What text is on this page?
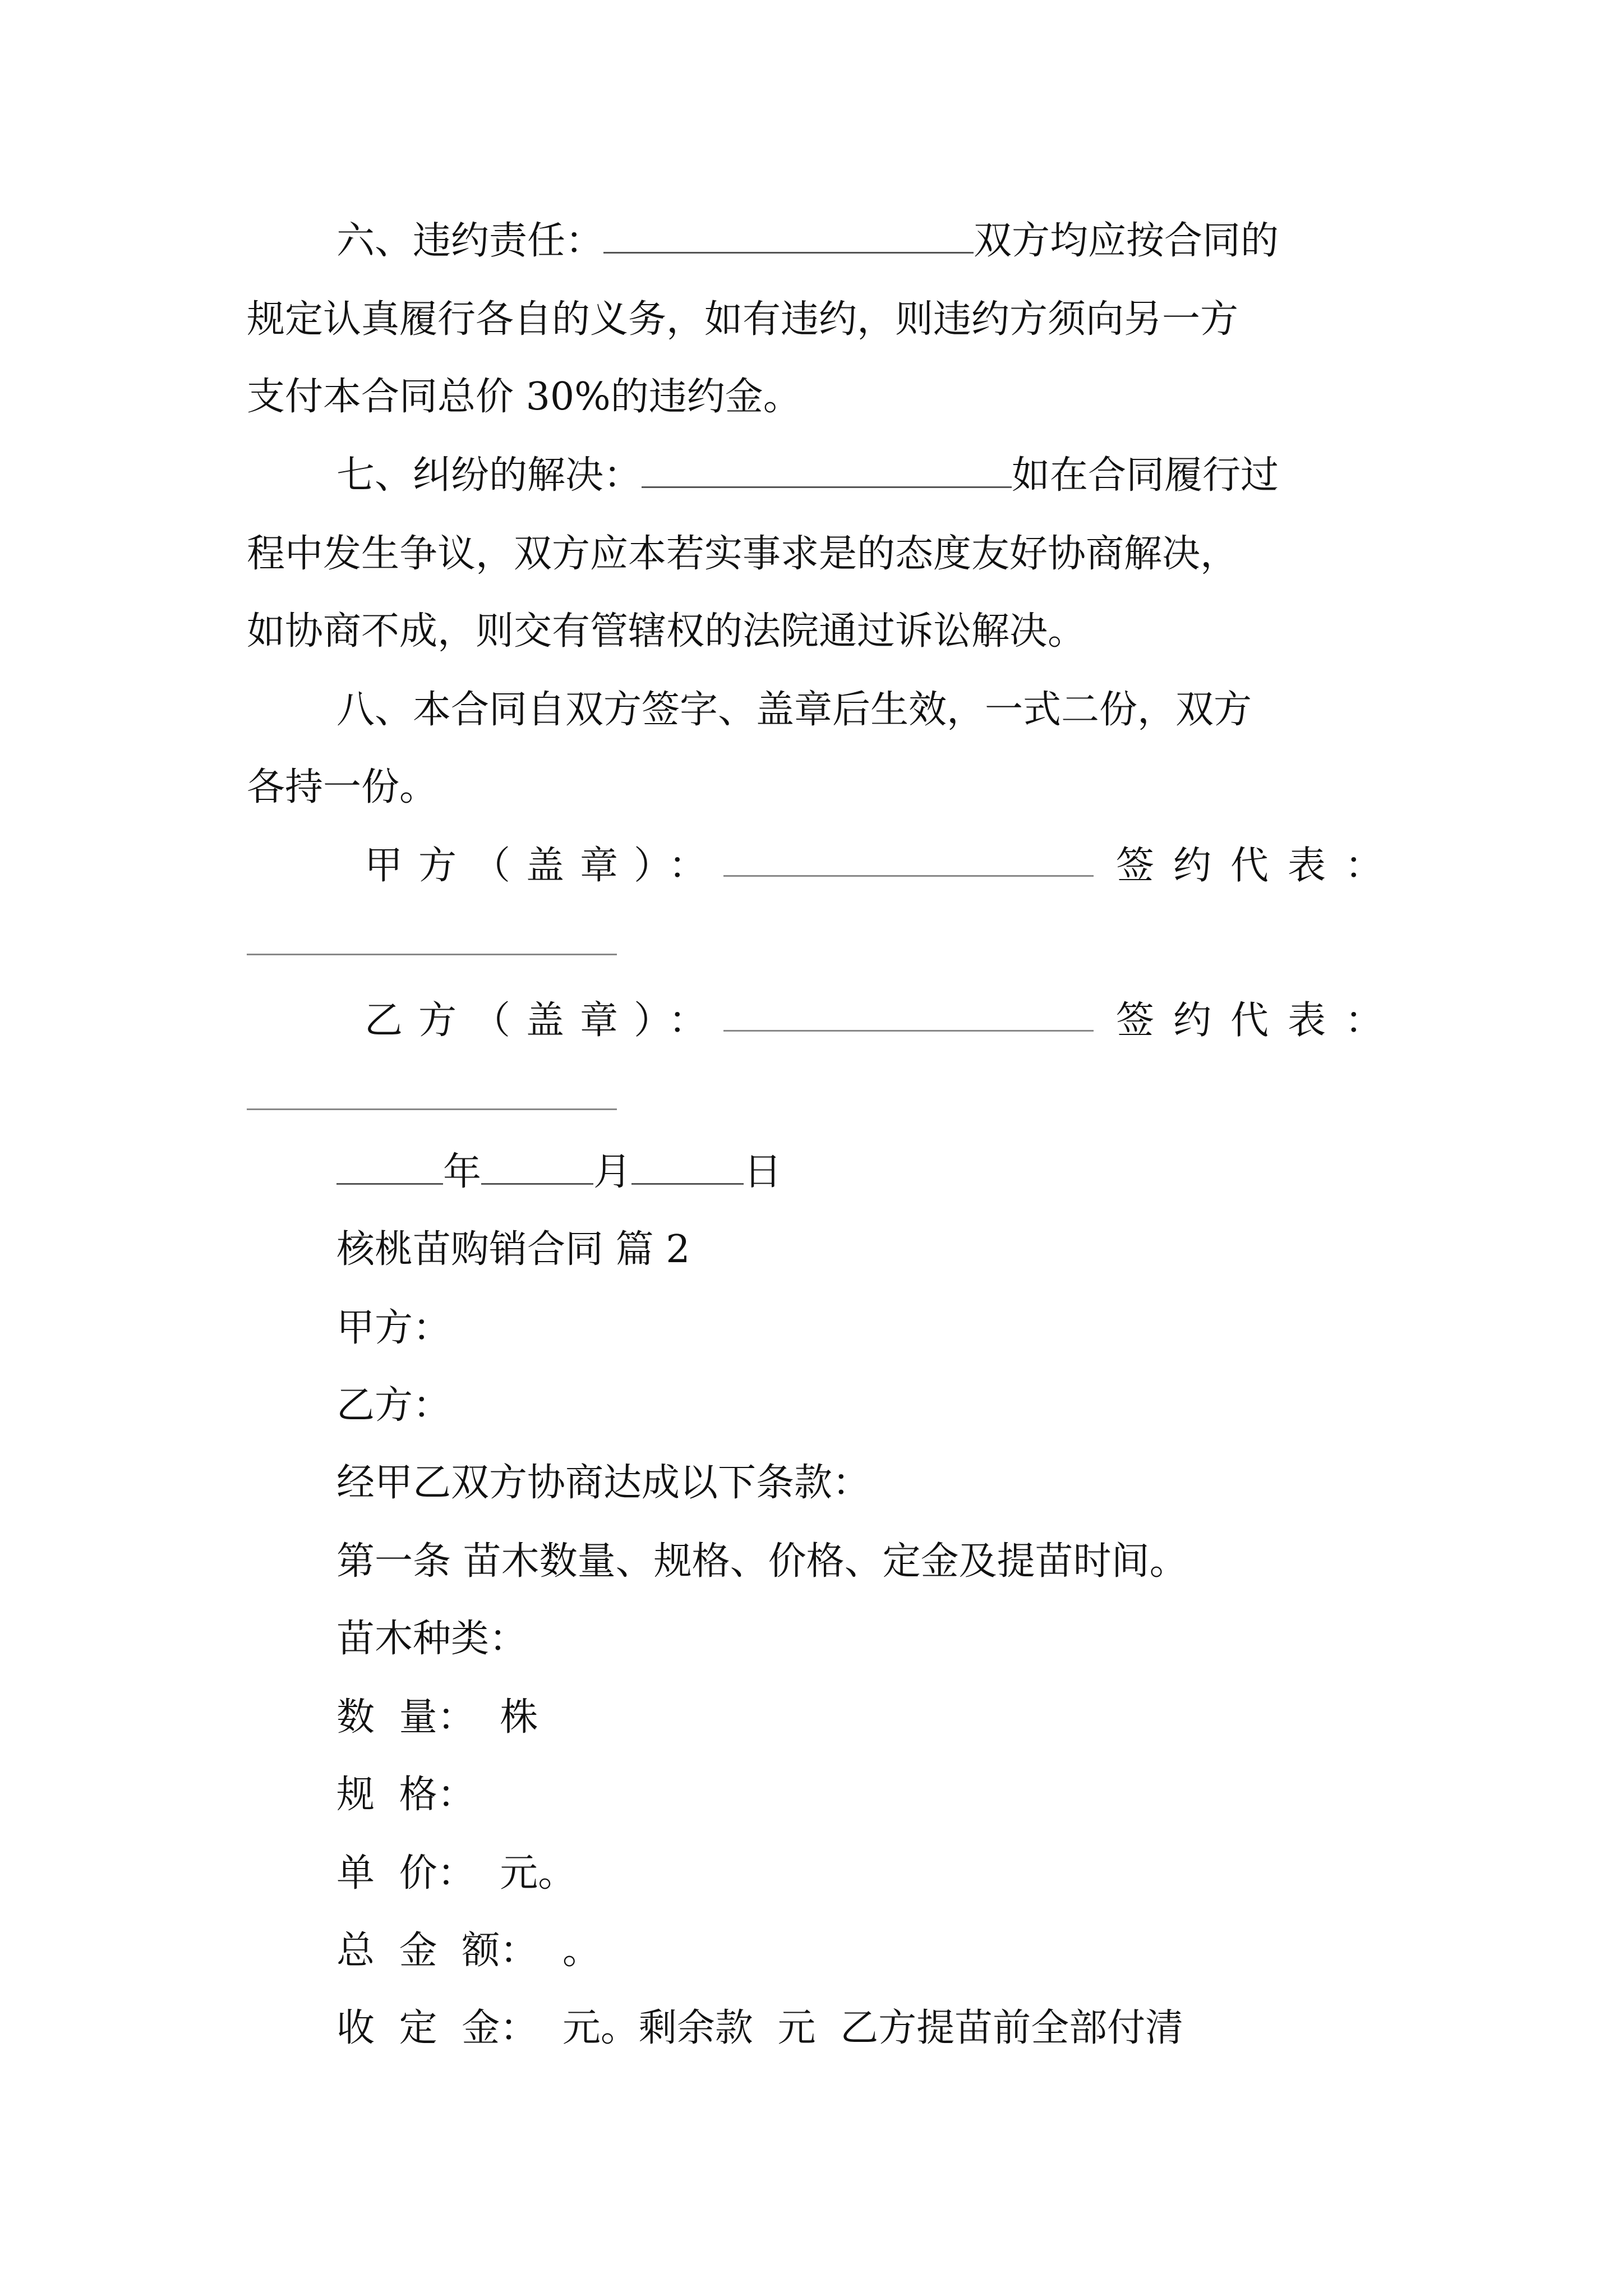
六、违约责任：	双方均应按合同的
规定认真履行各自的义务，如有违约，则违约方须向另一方
支付本合同总价 30%的违约金。
七、纠纷的解决：	如在合同履行过
程中发生争议，双方应本若实事求是的态度友好协商解决，
如协商不成，则交有管辖权的法院通过诉讼解决。
八、本合同自双方签字、盖章后生效，一式二份，双方
各持一份。
甲方（盖章）：	签约代表：
乙方（盖章）：	签约代表：
年	月	日
核桃苗购销合同 篇 2
甲方：
乙方：
经甲乙双方协商达成以下条款：
第一条 苗木数量、规格、价格、定金及提苗时间。
苗木种类：
数 量： 株
规 格：
单 价： 元。
总 金 额： 。
收 定 金： 元。剩余款 元 乙方提苗前全部付清
